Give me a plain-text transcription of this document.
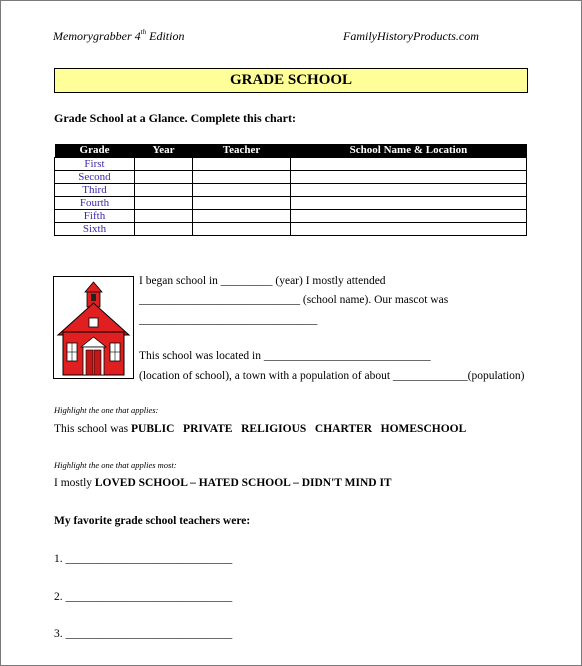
Memorygrabber 4th Edition	FamilyHistoryProducts.com
GRADE SCHOOL
Grade School at a Glance. Complete this chart:
Grade	Year	Teacher	School Name & Location
First			
Second			
Third			
Fourth			
Fifth			
Sixth			
I began school in _________ (year) I mostly attended
____________________________ (school name). Our mascot was
_______________________________
This school was located in _____________________________
(location of school), a town with a population of about _____________(population)
Highlight the one that applies:
This school was PUBLIC   PRIVATE   RELIGIOUS   CHARTER   HOMESCHOOL
Highlight the one that applies most:
I mostly LOVED SCHOOL – HATED SCHOOL – DIDN'T MIND IT
My favorite grade school teachers were:
1. _____________________________
2. _____________________________
3. _____________________________
